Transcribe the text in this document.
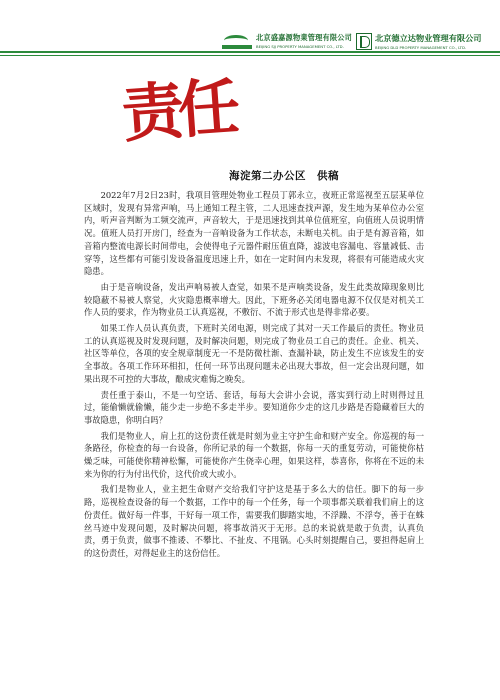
北京盛嘉源物業管理有限公司
BEIJING SJJ PROPERTY MANAGEMENT CO., LTD.
北京德立达物业管理有限公司
BEIJING DLD PROPERTY MANAGEMENT CO., LTD.
责任
海淀第二办公区　供稿

2022年7月2日23时，我项目管理处物业工程员丁郭永立，夜班正常巡视至五层某单位区域时，发现有异常声响，马上通知工程主管，二人迅速查找声源，发生地为某单位办公室内，听声音判断为工频交流声，声音较大，于是迅速找到其单位值班室，向值班人员说明情况。值班人员打开房门，经查为一音响设备为工作状态，未断电关机。由于是有源音箱，如音箱内整流电源长时间带电，会使得电子元器件耐压值直降，滤波电容漏电、容量减低、击穿等，这些都有可能引发设备温度迅速上升，如在一定时间内未发现，将很有可能造成火灾隐患。

由于是音响设备，发出声响易被人查觉，如果不是声响类设备，发生此类故障现象则比较隐蔽不易被人察觉，火灾隐患概率增大。因此，下班务必关闭电器电源不仅仅是对机关工作人员的要求，作为物业员工认真巡视，不敷衍、不流于形式也是得非常必要。

如果工作人员认真负责，下班时关闭电源，则完成了其对一天工作最后的责任。物业员工的认真巡视及时发现问题，及时解决问题，则完成了物业员工自己的责任。企业、机关、社区等单位，各项的安全规章制度无一不是防微杜渐、查漏补缺，防止发生不应该发生的安全事故。各项工作环环相扣，任何一环节出现问题未必出现大事故，但一定会出现问题，如果出现不可控的大事故，酿成灾难悔之晚矣。

责任重于泰山，不是一句空话、套话，每每大会讲小会说，落实到行动上时则得过且过，能偷懒就偷懒，能少走一步绝不多走半步。要知道你少走的这几步路是否隐藏着巨大的事故隐患，你明白吗？

我们是物业人，肩上扛的这份责任就是时刻为业主守护生命和财产安全。你巡视的每一条路径，你检查的每一台设备，你所记录的每一个数据，你每一天的重复劳动，可能使你枯燥乏味，可能使你精神松懈，可能使你产生侥幸心理，如果这样，恭喜你，你将在不远的未来为你的行为付出代价，这代价或大或小。

我们是物业人，业主把生命财产交给我们守护这是基于多么大的信任。脚下的每一步路，巡视检查设备的每一个数据，工作中的每一个任务，每一个项事都关联着我们肩上的这份责任。做好每一件事，干好每一项工作，需要我们脚踏实地，不浮躁、不浮夸，善于在蛛丝马迹中发现问题，及时解决问题，将事故消灭于无形。总的来说就是敢于负责，认真负责，勇于负责，做事不推诿、不攀比、不扯皮、不甩锅。心头时刻提醒自己，要担得起肩上的这份责任，对得起业主的这份信任。
